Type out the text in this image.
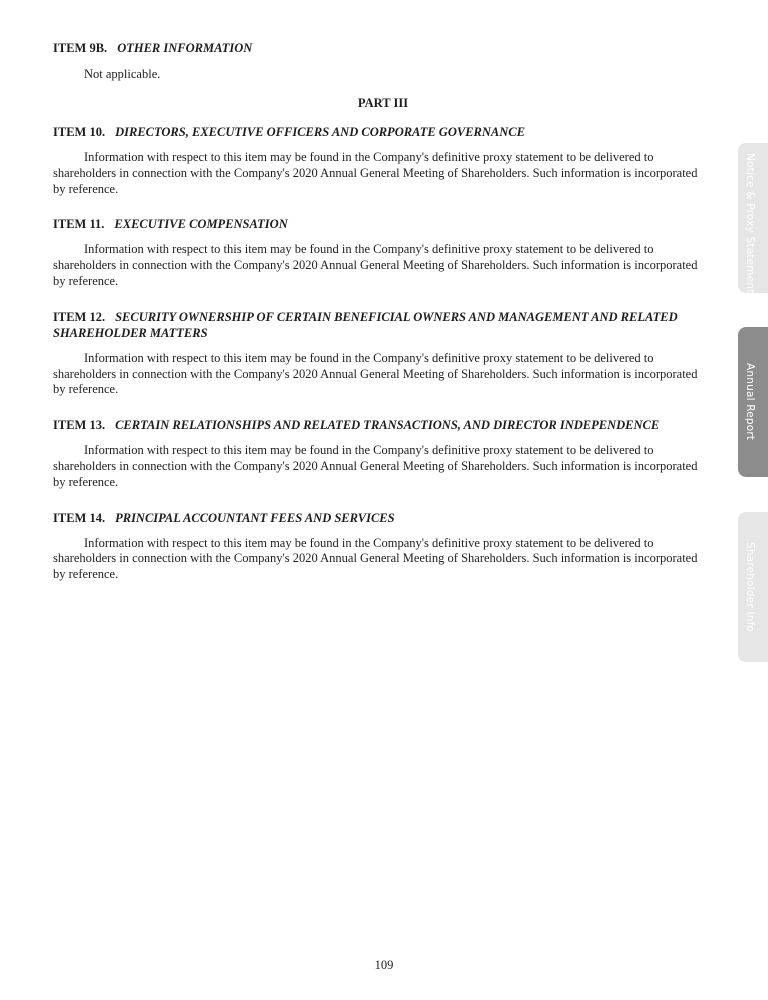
ITEM 9B. OTHER INFORMATION

Not applicable.

PART III

ITEM 10. DIRECTORS, EXECUTIVE OFFICERS AND CORPORATE GOVERNANCE

Information with respect to this item may be found in the Company's definitive proxy statement to be delivered to shareholders in connection with the Company's 2020 Annual General Meeting of Shareholders. Such information is incorporated by reference.

ITEM 11. EXECUTIVE COMPENSATION

Information with respect to this item may be found in the Company's definitive proxy statement to be delivered to shareholders in connection with the Company's 2020 Annual General Meeting of Shareholders. Such information is incorporated by reference.

ITEM 12. SECURITY OWNERSHIP OF CERTAIN BENEFICIAL OWNERS AND MANAGEMENT AND RELATED SHAREHOLDER MATTERS

Information with respect to this item may be found in the Company's definitive proxy statement to be delivered to shareholders in connection with the Company's 2020 Annual General Meeting of Shareholders. Such information is incorporated by reference.

ITEM 13. CERTAIN RELATIONSHIPS AND RELATED TRANSACTIONS, AND DIRECTOR INDEPENDENCE

Information with respect to this item may be found in the Company's definitive proxy statement to be delivered to shareholders in connection with the Company's 2020 Annual General Meeting of Shareholders. Such information is incorporated by reference.

ITEM 14. PRINCIPAL ACCOUNTANT FEES AND SERVICES

Information with respect to this item may be found in the Company's definitive proxy statement to be delivered to shareholders in connection with the Company's 2020 Annual General Meeting of Shareholders. Such information is incorporated by reference.

109
Notice & Proxy Statement
Annual Report
Shareholder Info
